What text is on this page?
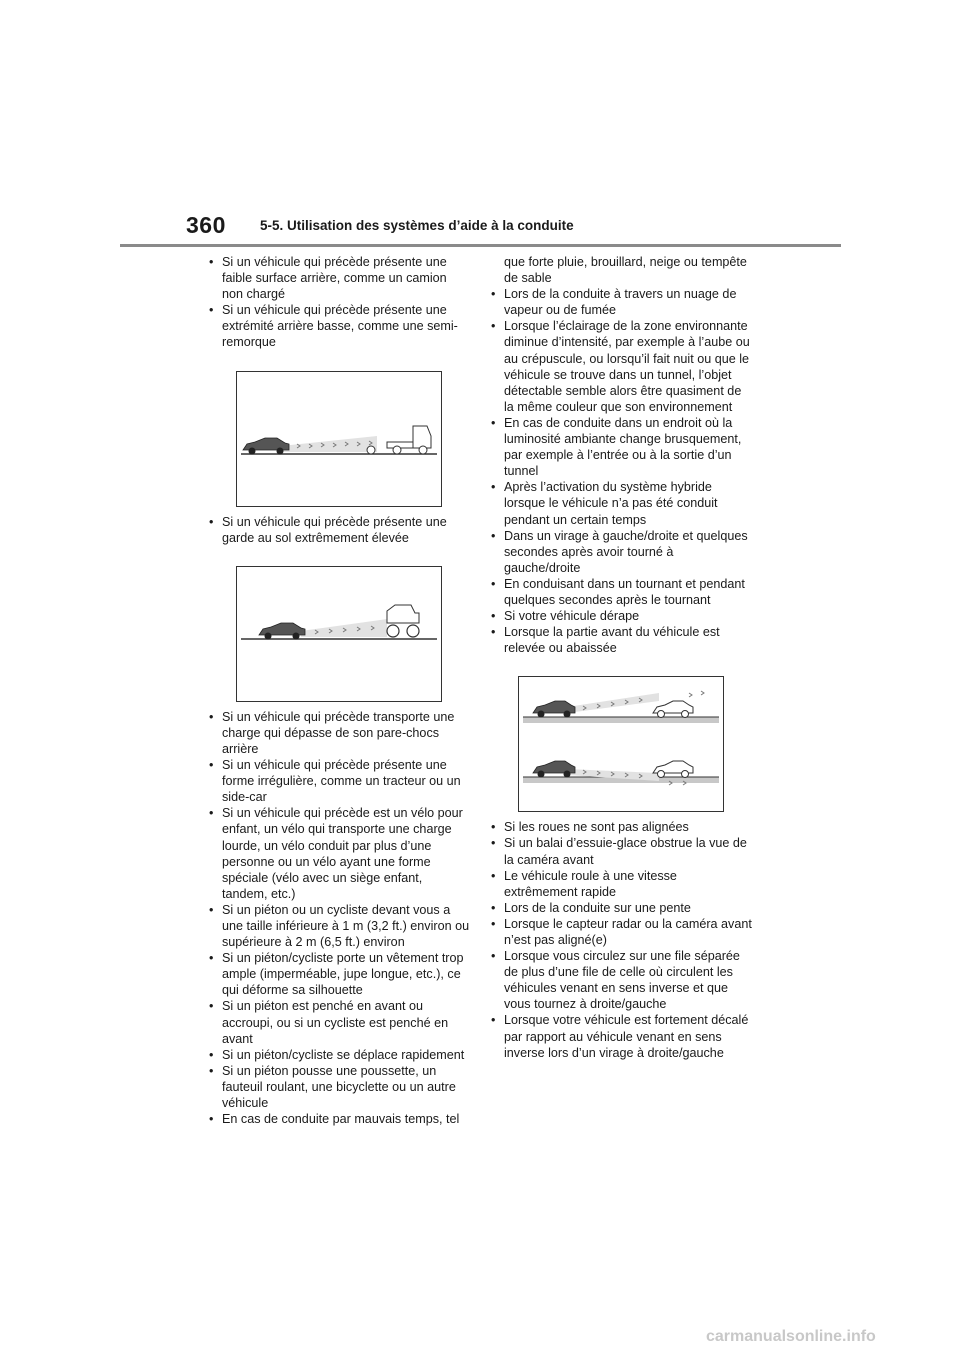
360	5-5. Utilisation des systèmes d’aide à la conduite
• Si un véhicule qui précède présente une faible surface arrière, comme un camion non chargé
• Si un véhicule qui précède présente une extrémité arrière basse, comme une semi-remorque
• Si un véhicule qui précède présente une garde au sol extrêmement élevée
• Si un véhicule qui précède transporte une charge qui dépasse de son pare-chocs arrière
• Si un véhicule qui précède présente une forme irrégulière, comme un tracteur ou un side-car
• Si un véhicule qui précède est un vélo pour enfant, un vélo qui transporte une charge lourde, un vélo conduit par plus d’une personne ou un vélo ayant une forme spéciale (vélo avec un siège enfant, tandem, etc.)
• Si un piéton ou un cycliste devant vous a une taille inférieure à 1 m (3,2 ft.) environ ou supérieure à 2 m (6,5 ft.) environ
• Si un piéton/cycliste porte un vêtement trop ample (imperméable, jupe longue, etc.), ce qui déforme sa silhouette
• Si un piéton est penché en avant ou accroupi, ou si un cycliste est penché en avant
• Si un piéton/cycliste se déplace rapidement
• Si un piéton pousse une poussette, un fauteuil roulant, une bicyclette ou un autre véhicule
• En cas de conduite par mauvais temps, tel
que forte pluie, brouillard, neige ou tempête de sable
• Lors de la conduite à travers un nuage de vapeur ou de fumée
• Lorsque l’éclairage de la zone environnante diminue d’intensité, par exemple à l’aube ou au crépuscule, ou lorsqu’il fait nuit ou que le véhicule se trouve dans un tunnel, l’objet détectable semble alors être quasiment de la même couleur que son environnement
• En cas de conduite dans un endroit où la luminosité ambiante change brusquement, par exemple à l’entrée ou à la sortie d’un tunnel
• Après l’activation du système hybride lorsque le véhicule n’a pas été conduit pendant un certain temps
• Dans un virage à gauche/droite et quelques secondes après avoir tourné à gauche/droite
• En conduisant dans un tournant et pendant quelques secondes après le tournant
• Si votre véhicule dérape
• Lorsque la partie avant du véhicule est relevée ou abaissée
• Si les roues ne sont pas alignées
• Si un balai d’essuie-glace obstrue la vue de la caméra avant
• Le véhicule roule à une vitesse extrêmement rapide
• Lors de la conduite sur une pente
• Lorsque le capteur radar ou la caméra avant n’est pas aligné(e)
• Lorsque vous circulez sur une file séparée de plus d’une file de celle où circulent les véhicules venant en sens inverse et que vous tournez à droite/gauche
• Lorsque votre véhicule est fortement décalé par rapport au véhicule venant en sens inverse lors d’un virage à droite/gauche
carmanualsonline.info
